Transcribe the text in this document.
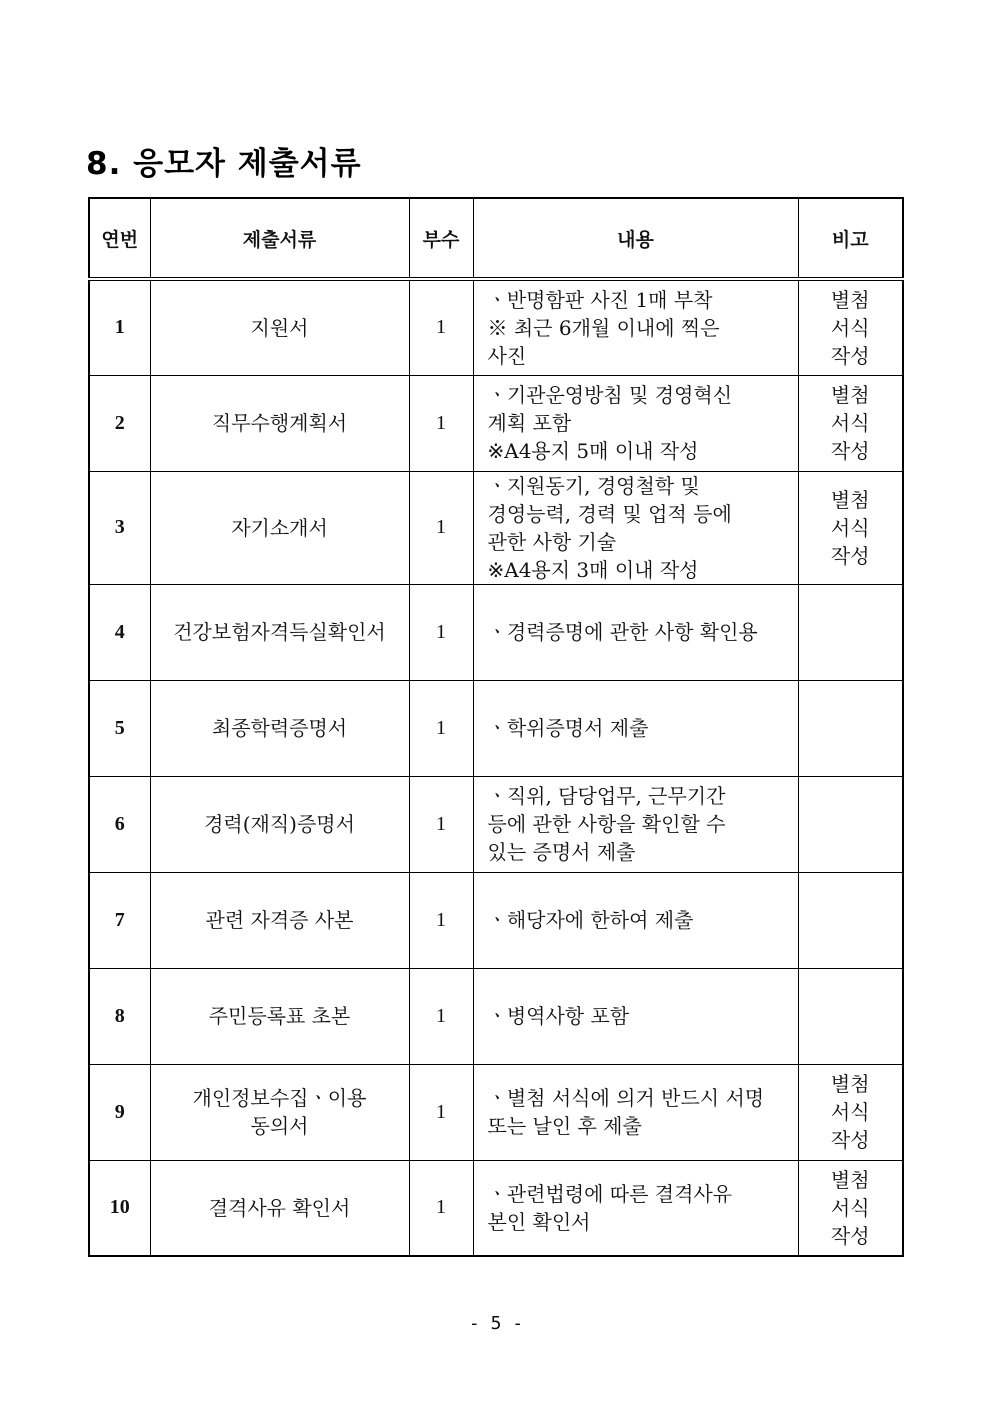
8. 응모자 제출서류
연번	제출서류	부수	내용	비고
1	지원서	1	ㆍ반명함판 사진 1매 부착
※ 최근 6개월 이내에 찍은
사진	별첨
서식
작성

2	직무수행계획서	1	ㆍ기관운영방침 및 경영혁신
계획 포함
※A4용지 5매 이내 작성	별첨
서식
작성

3	자기소개서	1	ㆍ지원동기, 경영철학 및
경영능력, 경력 및 업적 등에
관한 사항 기술
※A4용지 3매 이내 작성	별첨
서식
작성

4	건강보험자격득실확인서	1	ㆍ경력증명에 관한 사항 확인용	

5	최종학력증명서	1	ㆍ학위증명서 제출	

6	경력(재직)증명서	1	ㆍ직위, 담당업무, 근무기간
등에 관한 사항을 확인할 수
있는 증명서 제출	

7	관련 자격증 사본	1	ㆍ해당자에 한하여 제출	

8	주민등록표 초본	1	ㆍ병역사항 포함	

9	개인정보수집ㆍ이용
동의서	1	ㆍ별첨 서식에 의거 반드시 서명
또는 날인 후 제출	별첨
서식
작성

10	결격사유 확인서	1	ㆍ관련법령에 따른 결격사유
본인 확인서	별첨
서식
작성
- 5 -
